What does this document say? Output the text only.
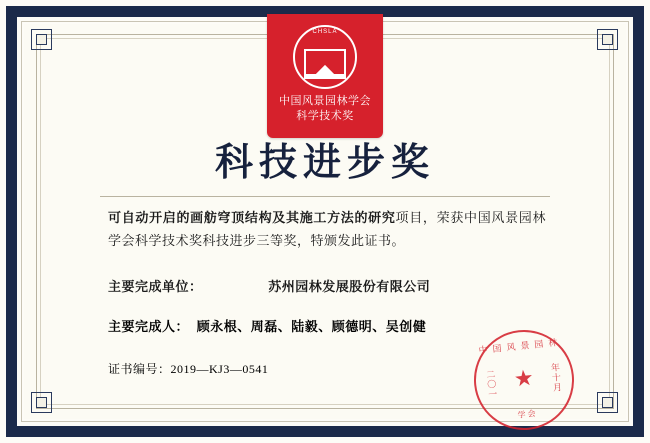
CHSLA
中国风景园林学会
科学技术奖
科技进步奖
可自动开启的画舫穹顶结构及其施工方法的研究项目，荣获中国风景园林学会科学技术奖科技进步三等奖，特颁发此证书。
主要完成单位：	苏州园林发展股份有限公司
主要完成人： 顾永根、周磊、陆毅、顾德明、吴创健
证书编号：2019—KJ3—0541
中国风景园林
二〇一 ★ 年十月
学会
